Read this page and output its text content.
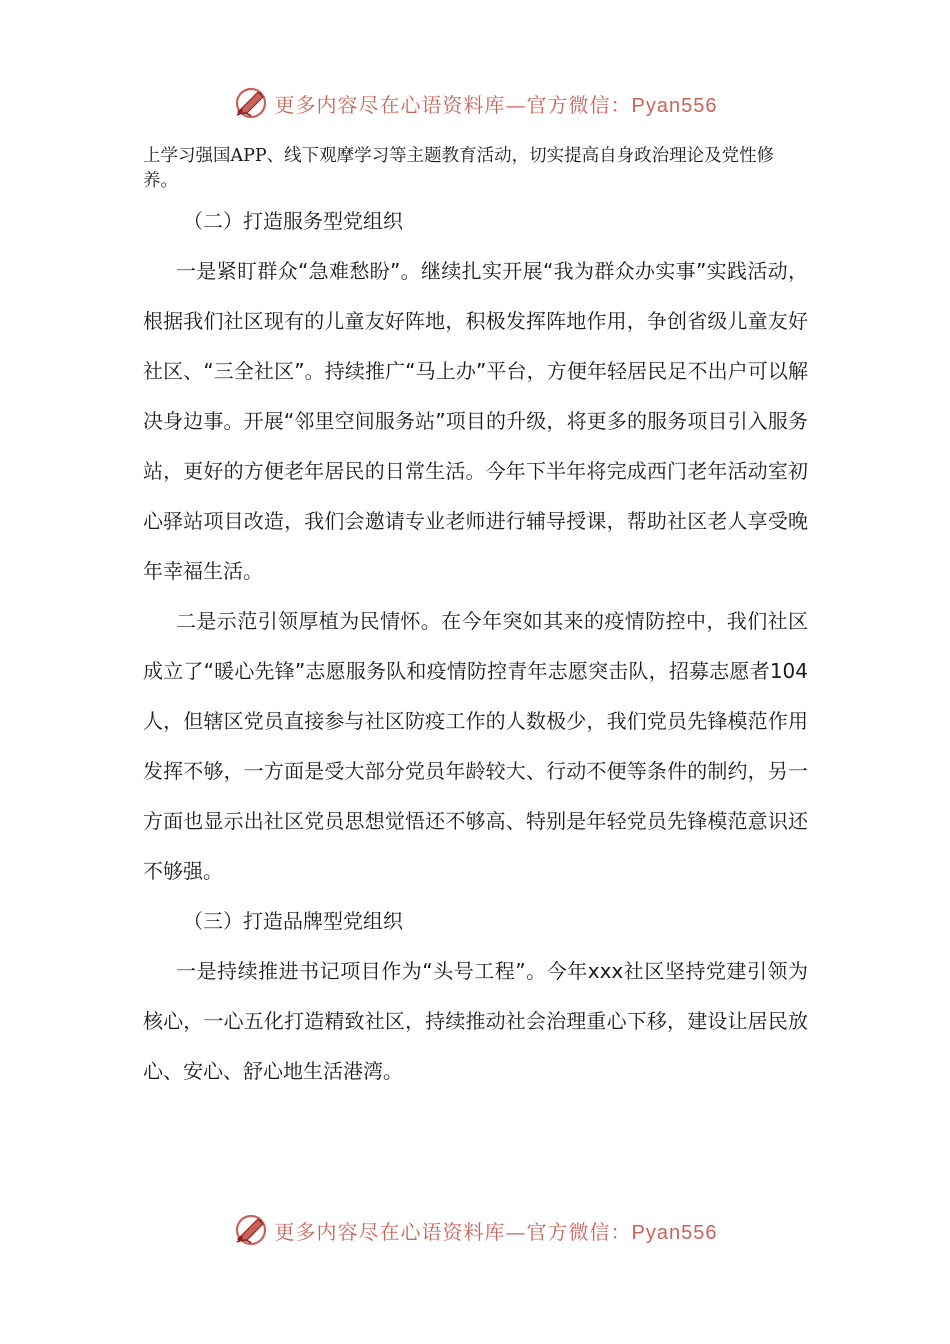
更多内容尽在心语资料库—官方微信：Pyan556

上学习强国APP、线下观摩学习等主题教育活动，切实提高自身政治理论及党性修养。

（二）打造服务型党组织

一是紧盯群众“急难愁盼”。继续扎实开展“我为群众办实事”实践活动，根据我们社区现有的儿童友好阵地，积极发挥阵地作用，争创省级儿童友好社区、“三全社区”。持续推广“马上办”平台，方便年轻居民足不出户可以解决身边事。开展“邻里空间服务站”项目的升级，将更多的服务项目引入服务站，更好的方便老年居民的日常生活。今年下半年将完成西门老年活动室初心驿站项目改造，我们会邀请专业老师进行辅导授课，帮助社区老人享受晚年幸福生活。

二是示范引领厚植为民情怀。在今年突如其来的疫情防控中，我们社区成立了“暖心先锋”志愿服务队和疫情防控青年志愿突击队，招募志愿者104人，但辖区党员直接参与社区防疫工作的人数极少，我们党员先锋模范作用发挥不够，一方面是受大部分党员年龄较大、行动不便等条件的制约，另一方面也显示出社区党员思想觉悟还不够高、特别是年轻党员先锋模范意识还不够强。

（三）打造品牌型党组织

一是持续推进书记项目作为“头号工程”。今年xxx社区坚持党建引领为核心，一心五化打造精致社区，持续推动社会治理重心下移，建设让居民放心、安心、舒心地生活港湾。

更多内容尽在心语资料库—官方微信：Pyan556
